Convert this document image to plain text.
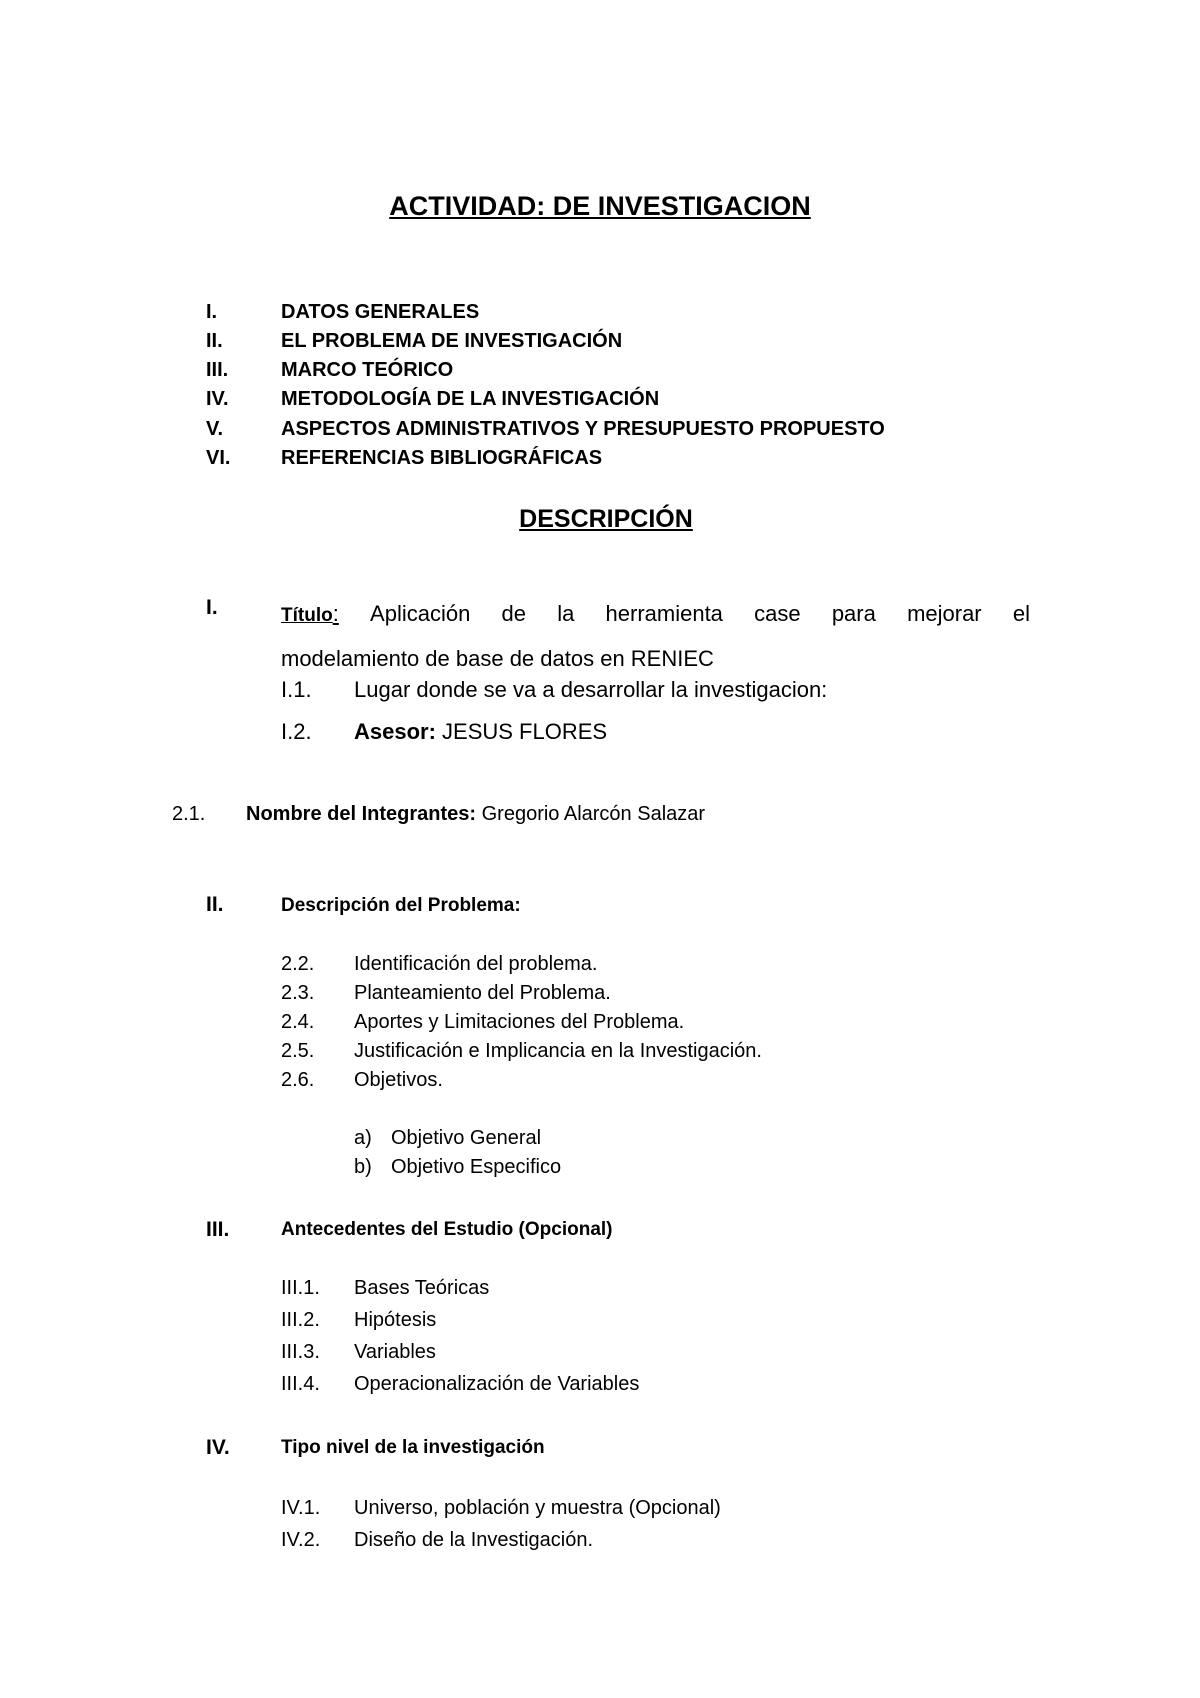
ACTIVIDAD: DE INVESTIGACION
I.	DATOS GENERALES
II.	EL PROBLEMA DE INVESTIGACIÓN
III.	MARCO TEÓRICO
IV.	METODOLOGÍA DE LA INVESTIGACIÓN
V.	ASPECTOS ADMINISTRATIVOS Y PRESUPUESTO PROPUESTO
VI.	REFERENCIAS BIBLIOGRÁFICAS
DESCRIPCIÓN
I.	Título: Aplicación de la herramienta case para mejorar el
modelamiento de base de datos en RENIEC
I.1. Lugar donde se va a desarrollar la investigacion:
I.2. Asesor: JESUS FLORES
2.1. Nombre del Integrantes: Gregorio Alarcón Salazar
II.	Descripción del Problema:
2.2. Identificación del problema.
2.3. Planteamiento del Problema.
2.4. Aportes y Limitaciones del Problema.
2.5. Justificación e Implicancia en la Investigación.
2.6. Objetivos.
a) Objetivo General
b) Objetivo Especifico
III.	Antecedentes del Estudio (Opcional)
III.1. Bases Teóricas
III.2. Hipótesis
III.3. Variables
III.4. Operacionalización de Variables
IV.	Tipo nivel de la investigación
IV.1. Universo, población y muestra (Opcional)
IV.2. Diseño de la Investigación.
